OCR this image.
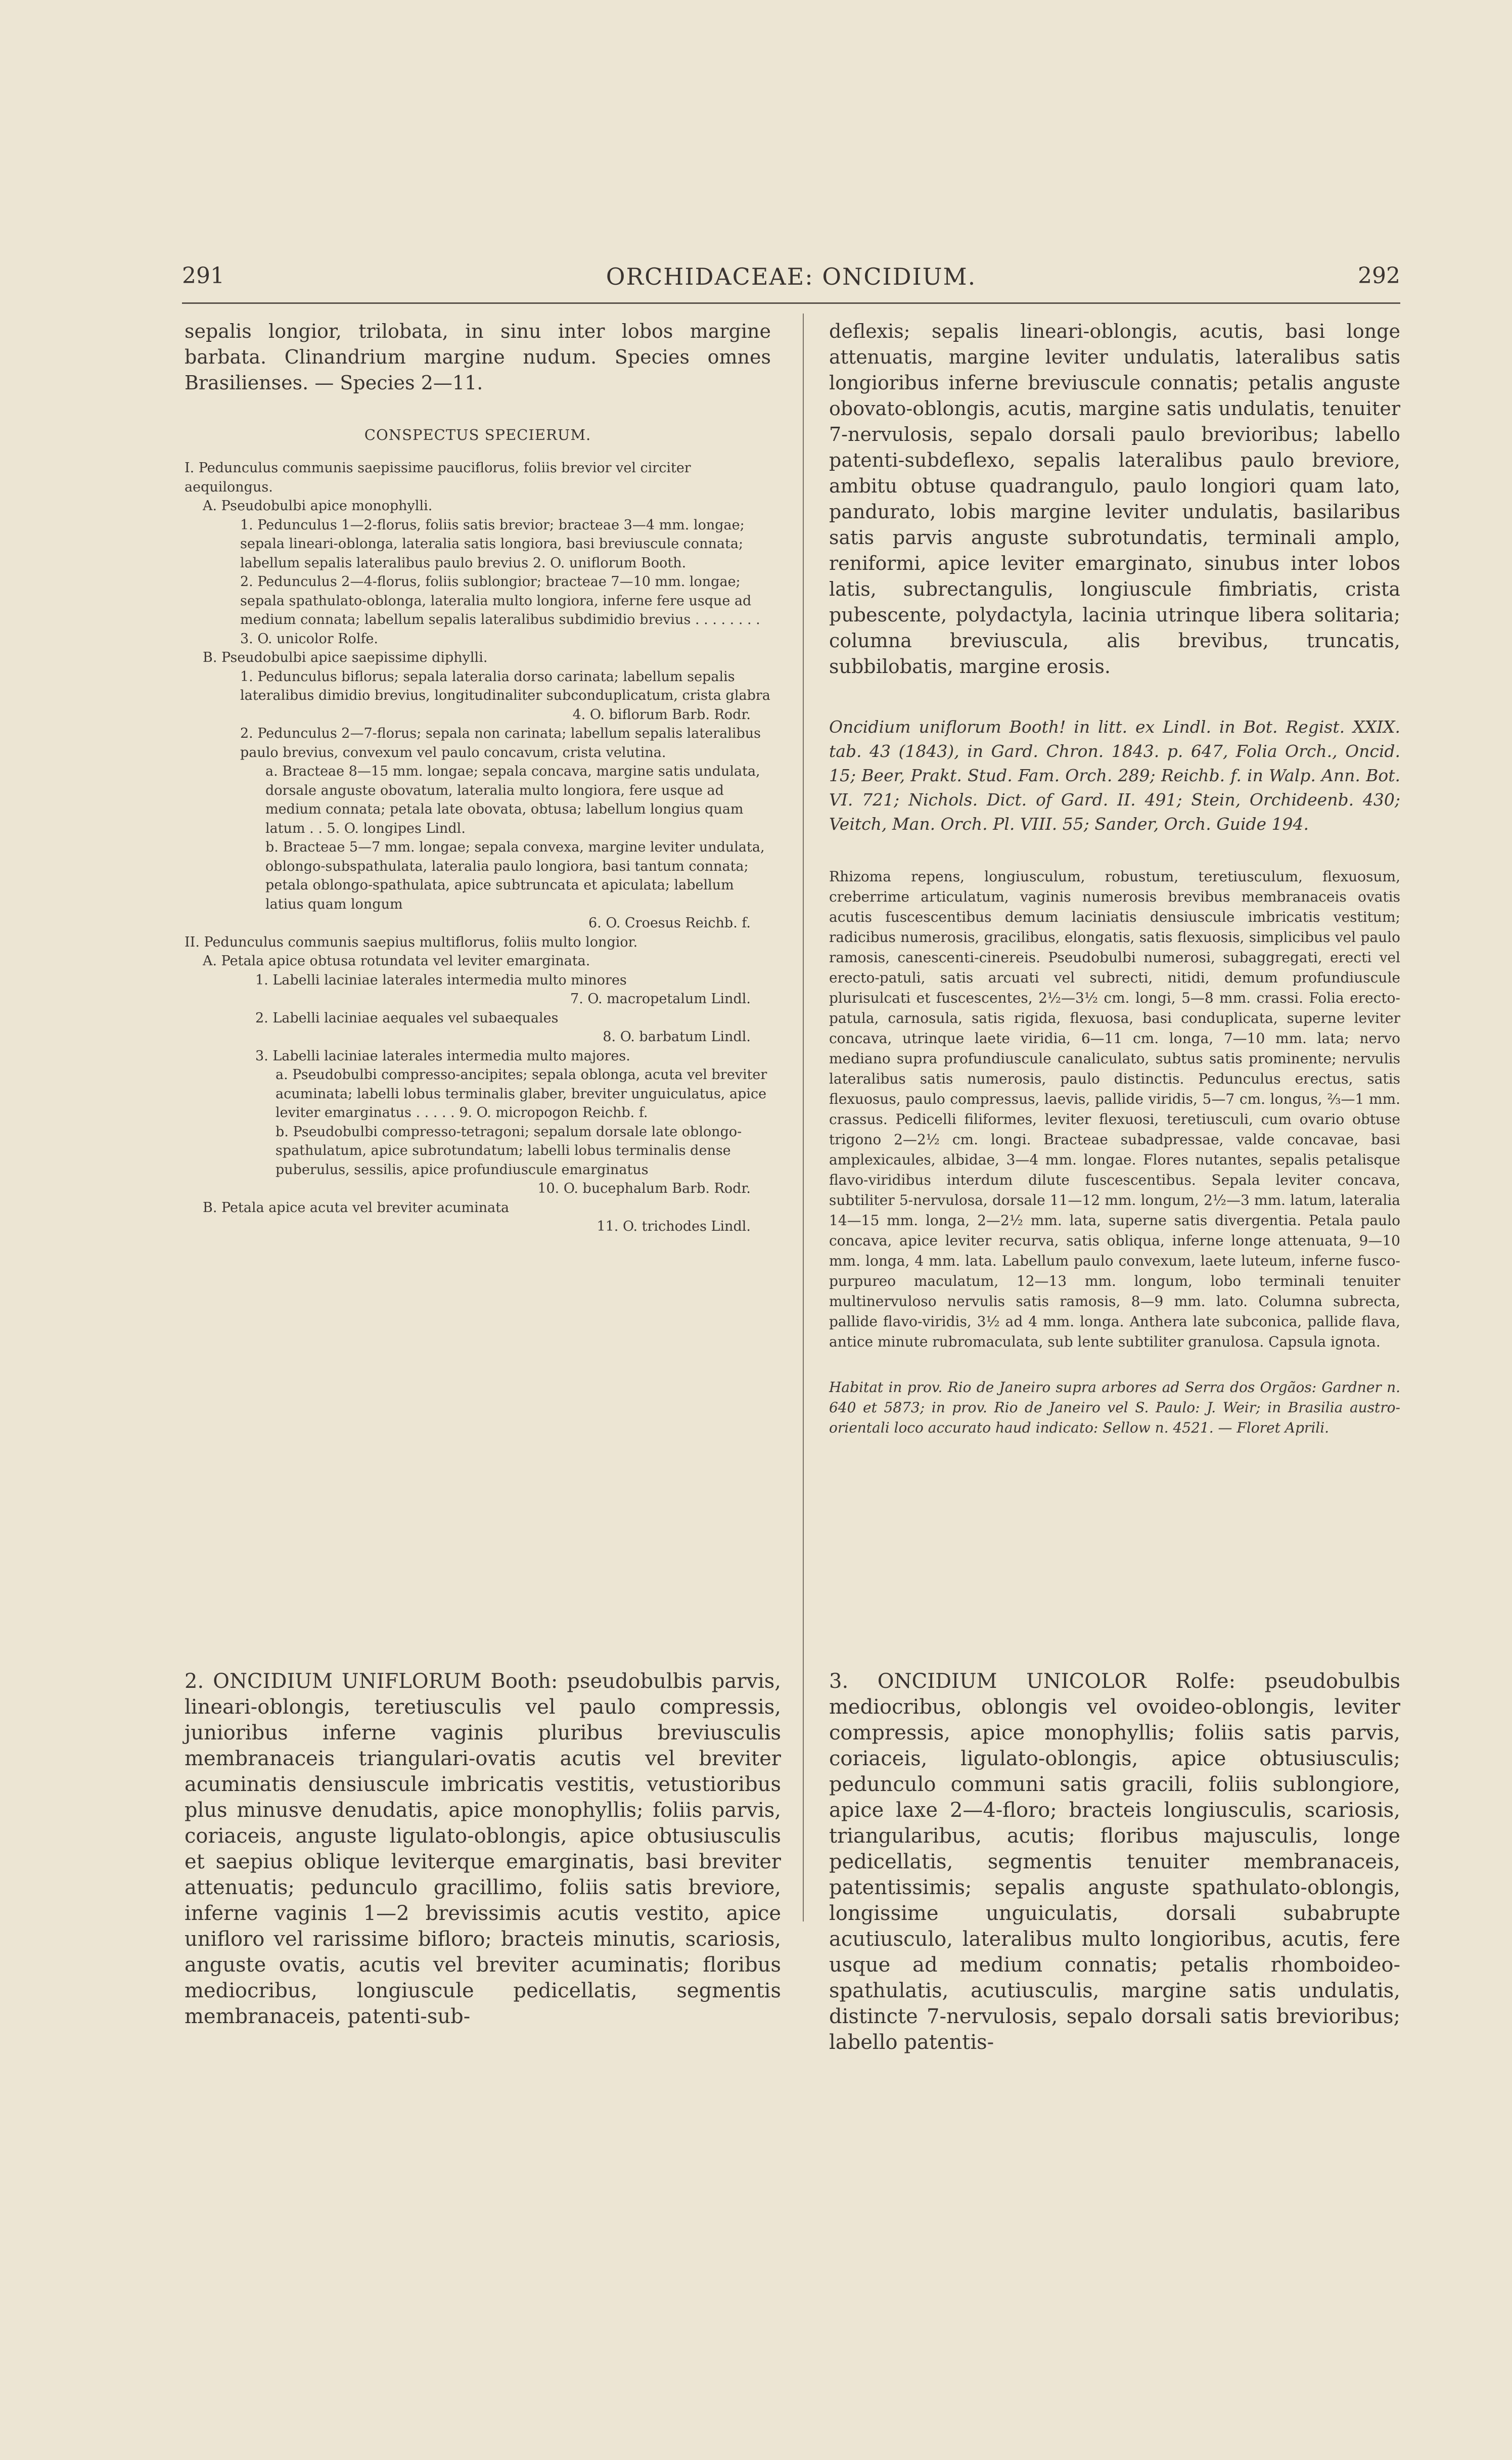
291	ORCHIDACEAE: ONCIDIUM.	292

sepalis longior, trilobata, in sinu inter lobos margine barbata. Clinandrium margine nudum. Species omnes Brasilienses. — Species 2—11.

CONSPECTUS SPECIERUM.
I. Pedunculus communis saepissime pauciflorus, foliis brevior vel circiter aequilongus.
A. Pseudobulbi apice monophylli.
1. Pedunculus 1—2-florus, foliis satis brevior; bracteae 3—4 mm. longae; sepala lineari-oblonga, lateralia satis longiora, basi breviuscule connata; labellum sepalis lateralibus paulo brevius 2. O. uniflorum Booth.
2. Pedunculus 2—4-florus, foliis sublongior; bracteae 7—10 mm. longae; sepala spathulato-oblonga, lateralia multo longiora, inferne fere usque ad medium connata; labellum sepalis lateralibus subdimidio brevius . . . . . . . . 3. O. unicolor Rolfe.
B. Pseudobulbi apice saepissime diphylli.
1. Pedunculus biflorus; sepala lateralia dorso carinata; labellum sepalis lateralibus dimidio brevius, longitudinaliter subconduplicatum, crista glabra
4. O. biflorum Barb. Rodr.
2. Pedunculus 2—7-florus; sepala non carinata; labellum sepalis lateralibus paulo brevius, convexum vel paulo concavum, crista velutina.
a. Bracteae 8—15 mm. longae; sepala concava, margine satis undulata, dorsale anguste obovatum, lateralia multo longiora, fere usque ad medium connata; petala late obovata, obtusa; labellum longius quam latum . . 5. O. longipes Lindl.
b. Bracteae 5—7 mm. longae; sepala convexa, margine leviter undulata, oblongo-subspathulata, lateralia paulo longiora, basi tantum connata; petala oblongo-spathulata, apice subtruncata et apiculata; labellum latius quam longum
6. O. Croesus Reichb. f.
II. Pedunculus communis saepius multiflorus, foliis multo longior.
A. Petala apice obtusa rotundata vel leviter emarginata.
1. Labelli laciniae laterales intermedia multo minores
7. O. macropetalum Lindl.
2. Labelli laciniae aequales vel subaequales
8. O. barbatum Lindl.
3. Labelli laciniae laterales intermedia multo majores.
a. Pseudobulbi compresso-ancipites; sepala oblonga, acuta vel breviter acuminata; labelli lobus terminalis glaber, breviter unguiculatus, apice leviter emarginatus . . . . . 9. O. micropogon Reichb. f.
b. Pseudobulbi compresso-tetragoni; sepalum dorsale late oblongo-spathulatum, apice subrotundatum; labelli lobus terminalis dense puberulus, sessilis, apice profundiuscule emarginatus
10. O. bucephalum Barb. Rodr.
B. Petala apice acuta vel breviter acuminata
11. O. trichodes Lindl.

2. ONCIDIUM UNIFLORUM Booth: pseudobulbis parvis, lineari-oblongis, teretiusculis vel paulo compressis, junioribus inferne vaginis pluribus breviusculis membranaceis triangulari-ovatis acutis vel breviter acuminatis densiuscule imbricatis vestitis, vetustioribus plus minusve denudatis, apice monophyllis; foliis parvis, coriaceis, anguste ligulato-oblongis, apice obtusiusculis et saepius oblique leviterque emarginatis, basi breviter attenuatis; pedunculo gracillimo, foliis satis breviore, inferne vaginis 1—2 brevissimis acutis vestito, apice unifloro vel rarissime bifloro; bracteis minutis, scariosis, anguste ovatis, acutis vel breviter acuminatis; floribus mediocribus, longiuscule pedicellatis, segmentis membranaceis, patenti-sub-

deflexis; sepalis lineari-oblongis, acutis, basi longe attenuatis, margine leviter undulatis, lateralibus satis longioribus inferne breviuscule connatis; petalis anguste obovato-oblongis, acutis, margine satis undulatis, tenuiter 7-nervulosis, sepalo dorsali paulo brevioribus; labello patenti-subdeflexo, sepalis lateralibus paulo breviore, ambitu obtuse quadrangulo, paulo longiori quam lato, pandurato, lobis margine leviter undulatis, basilaribus satis parvis anguste subrotundatis, terminali amplo, reniformi, apice leviter emarginato, sinubus inter lobos latis, subrectangulis, longiuscule fimbriatis, crista pubescente, polydactyla, lacinia utrinque libera solitaria; columna breviuscula, alis brevibus, truncatis, subbilobatis, margine erosis.

Oncidium uniflorum Booth! in litt. ex Lindl. in Bot. Regist. XXIX. tab. 43 (1843), in Gard. Chron. 1843. p. 647, Folia Orch., Oncid. 15; Beer, Prakt. Stud. Fam. Orch. 289; Reichb. f. in Walp. Ann. Bot. VI. 721; Nichols. Dict. of Gard. II. 491; Stein, Orchideenb. 430; Veitch, Man. Orch. Pl. VIII. 55; Sander, Orch. Guide 194.

Rhizoma repens, longiusculum, robustum, teretiusculum, flexuosum, creberrime articulatum, vaginis numerosis brevibus membranaceis ovatis acutis fuscescentibus demum laciniatis densiuscule imbricatis vestitum; radicibus numerosis, gracilibus, elongatis, satis flexuosis, simplicibus vel paulo ramosis, canescenti-cinereis. Pseudobulbi numerosi, subaggregati, erecti vel erecto-patuli, satis arcuati vel subrecti, nitidi, demum profundiuscule plurisulcati et fuscescentes, 2½—3½ cm. longi, 5—8 mm. crassi. Folia erecto-patula, carnosula, satis rigida, flexuosa, basi conduplicata, superne leviter concava, utrinque laete viridia, 6—11 cm. longa, 7—10 mm. lata; nervo mediano supra profundiuscule canaliculato, subtus satis prominente; nervulis lateralibus satis numerosis, paulo distinctis. Pedunculus erectus, satis flexuosus, paulo compressus, laevis, pallide viridis, 5—7 cm. longus, ⅔—1 mm. crassus. Pedicelli filiformes, leviter flexuosi, teretiusculi, cum ovario obtuse trigono 2—2½ cm. longi. Bracteae subadpressae, valde concavae, basi amplexicaules, albidae, 3—4 mm. longae. Flores nutantes, sepalis petalisque flavo-viridibus interdum dilute fuscescentibus. Sepala leviter concava, subtiliter 5-nervulosa, dorsale 11—12 mm. longum, 2½—3 mm. latum, lateralia 14—15 mm. longa, 2—2½ mm. lata, superne satis divergentia. Petala paulo concava, apice leviter recurva, satis obliqua, inferne longe attenuata, 9—10 mm. longa, 4 mm. lata. Labellum paulo convexum, laete luteum, inferne fusco-purpureo maculatum, 12—13 mm. longum, lobo terminali tenuiter multinervuloso nervulis satis ramosis, 8—9 mm. lato. Columna subrecta, pallide flavo-viridis, 3½ ad 4 mm. longa. Anthera late subconica, pallide flava, antice minute rubromaculata, sub lente subtiliter granulosa. Capsula ignota.

Habitat in prov. Rio de Janeiro supra arbores ad Serra dos Orgãos: Gardner n. 640 et 5873; in prov. Rio de Janeiro vel S. Paulo: J. Weir; in Brasilia austro-orientali loco accurato haud indicato: Sellow n. 4521. — Floret Aprili.

3. ONCIDIUM UNICOLOR Rolfe: pseudobulbis mediocribus, oblongis vel ovoideo-oblongis, leviter compressis, apice monophyllis; foliis satis parvis, coriaceis, ligulato-oblongis, apice obtusiusculis; pedunculo communi satis gracili, foliis sublongiore, apice laxe 2—4-floro; bracteis longiusculis, scariosis, triangularibus, acutis; floribus majusculis, longe pedicellatis, segmentis tenuiter membranaceis, patentissimis; sepalis anguste spathulato-oblongis, longissime unguiculatis, dorsali subabrupte acutiusculo, lateralibus multo longioribus, acutis, fere usque ad medium connatis; petalis rhomboideo-spathulatis, acutiusculis, margine satis undulatis, distincte 7-nervulosis, sepalo dorsali satis brevioribus; labello patentis-
